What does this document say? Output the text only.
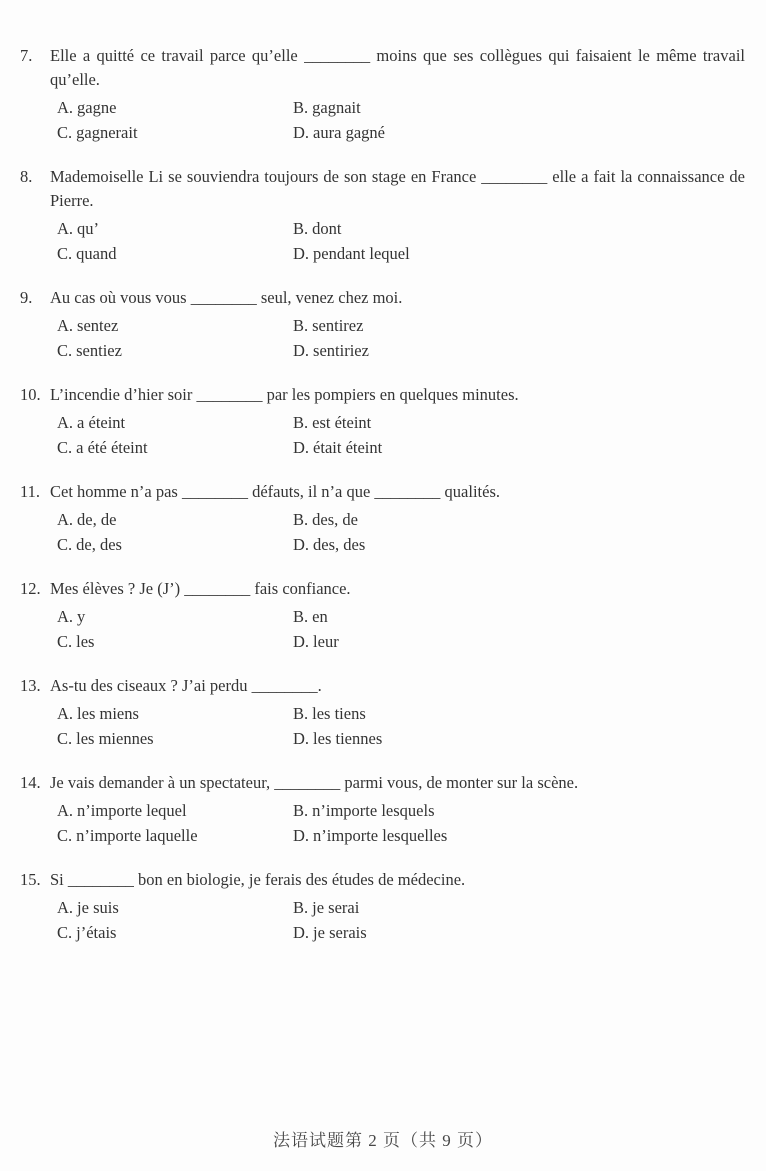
7. Elle a quitté ce travail parce qu’elle ________ moins que ses collègues qui faisaient le même travail qu’elle.

A. gagne	B. gagnait
C. gagnerait	D. aura gagné

8. Mademoiselle Li se souviendra toujours de son stage en France ________ elle a fait la connaissance de Pierre.

A. qu’	B. dont
C. quand	D. pendant lequel

9. Au cas où vous vous ________ seul, venez chez moi.

A. sentez	B. sentirez
C. sentiez	D. sentiriez

10. L’incendie d’hier soir ________ par les pompiers en quelques minutes.

A. a éteint	B. est éteint
C. a été éteint	D. était éteint

11. Cet homme n’a pas ________ défauts, il n’a que ________ qualités.

A. de, de	B. des, de
C. de, des	D. des, des

12. Mes élèves ? Je (J’) ________ fais confiance.

A. y	B. en
C. les	D. leur

13. As-tu des ciseaux ? J’ai perdu ________.

A. les miens	B. les tiens
C. les miennes	D. les tiennes

14. Je vais demander à un spectateur, ________ parmi vous, de monter sur la scène.

A. n’importe lequel	B. n’importe lesquels
C. n’importe laquelle	D. n’importe lesquelles

15. Si ________ bon en biologie, je ferais des études de médecine.

A. je suis	B. je serai
C. j’étais	D. je serais
法语试题第 2 页（共 9 页）
